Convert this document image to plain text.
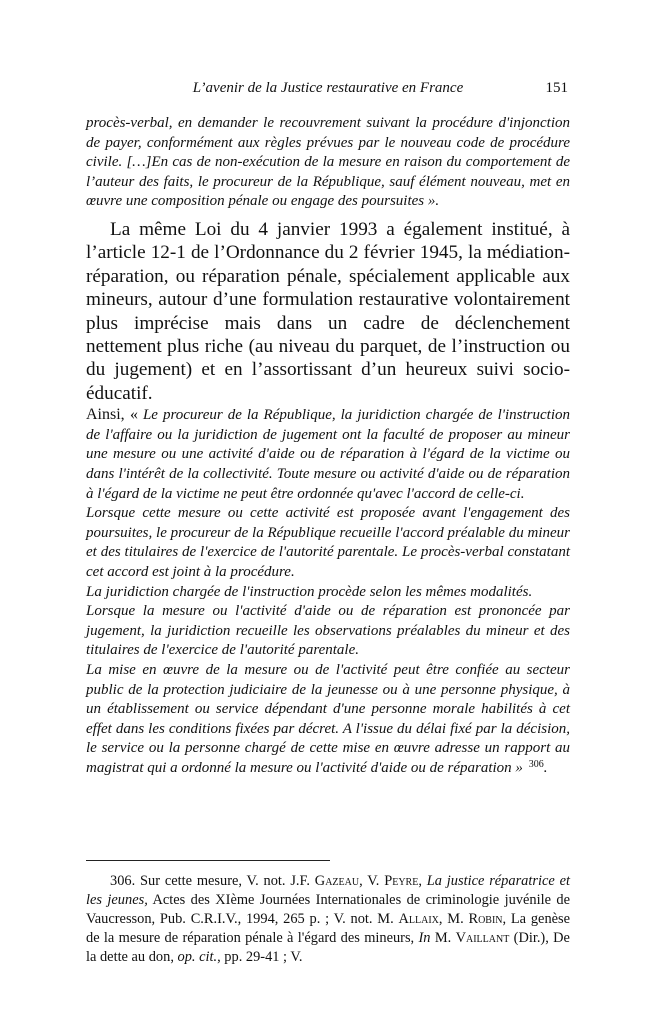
L’avenir de la Justice restaurative en France	151

procès-verbal, en demander le recouvrement suivant la procédure d'injonction de payer, conformément aux règles prévues par le nouveau code de procédure civile. […]En cas de non-exécution de la mesure en raison du comportement de l’auteur des faits, le procureur de la République, sauf élément nouveau, met en œuvre une composition pénale ou engage des poursuites ».

La même Loi du 4 janvier 1993 a également institué, à l’article 12-1 de l’Ordonnance du 2 février 1945, la médiation-réparation, ou réparation pénale, spécialement applicable aux mineurs, autour d’une formulation restaurative volontairement plus imprécise mais dans un cadre de déclenchement nettement plus riche (au niveau du parquet, de l’instruction ou du jugement) et en l’assortissant d’un heureux suivi socio-éducatif.

Ainsi, « Le procureur de la République, la juridiction chargée de l'instruction de l'affaire ou la juridiction de jugement ont la faculté de proposer au mineur une mesure ou une activité d'aide ou de réparation à l'égard de la victime ou dans l'intérêt de la collectivité. Toute mesure ou activité d'aide ou de réparation à l'égard de la victime ne peut être ordonnée qu'avec l'accord de celle-ci.

Lorsque cette mesure ou cette activité est proposée avant l'engagement des poursuites, le procureur de la République recueille l'accord préalable du mineur et des titulaires de l'exercice de l'autorité parentale. Le procès-verbal constatant cet accord est joint à la procédure.

La juridiction chargée de l'instruction procède selon les mêmes modalités.

Lorsque la mesure ou l'activité d'aide ou de réparation est prononcée par jugement, la juridiction recueille les observations préalables du mineur et des titulaires de l'exercice de l'autorité parentale.

La mise en œuvre de la mesure ou de l'activité peut être confiée au secteur public de la protection judiciaire de la jeunesse ou à une personne physique, à un établissement ou service dépendant d'une personne morale habilités à cet effet dans les conditions fixées par décret. A l'issue du délai fixé par la décision, le service ou la personne chargé de cette mise en œuvre adresse un rapport au magistrat qui a ordonné la mesure ou l'activité d'aide ou de réparation » $^{306}$.

306. Sur cette mesure, V. not. J.F. Gazeau, V. Peyre, La justice réparatrice et les jeunes, Actes des XIème Journées Internationales de criminologie juvénile de Vaucresson, Pub. C.R.I.V., 1994, 265 p. ; V. not. M. Allaix, M. Robin, La genèse de la mesure de réparation pénale à l'égard des mineurs, In M. Vaillant (Dir.), De la dette au don, op. cit., pp. 29-41 ; V.
